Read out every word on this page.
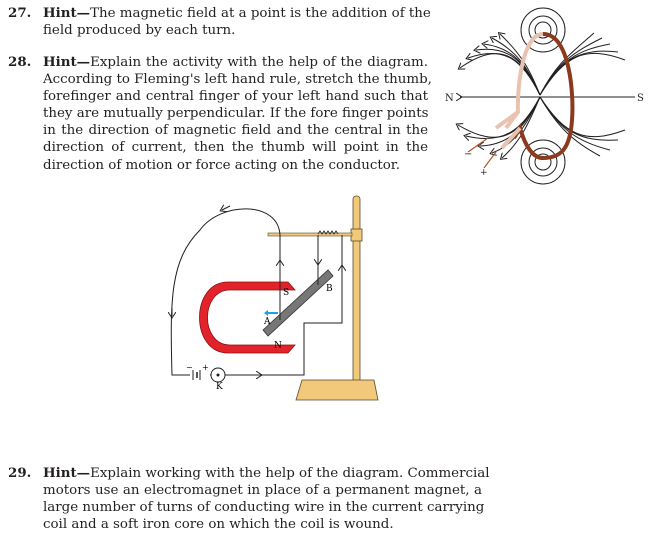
27. Hint—The magnetic field at a point is the addition of the
field produced by each turn.
28. Hint—Explain the activity with the help of the diagram.
According to Fleming's left hand rule, stretch the thumb,
forefinger and central finger of your left hand such that
they are mutually perpendicular. If the fore finger points
in the direction of magnetic field and the central in the
direction of current, then the thumb will point in the
direction of motion or force acting on the conductor.
29. Hint—Explain working with the help of the diagram. Commercial
motors use an electromagnet in place of a permanent magnet, a
large number of turns of conducting wire in the current carrying
coil and a soft iron core on which the coil is wound.
N	S
−
+
S
N
A
B
K
− +
